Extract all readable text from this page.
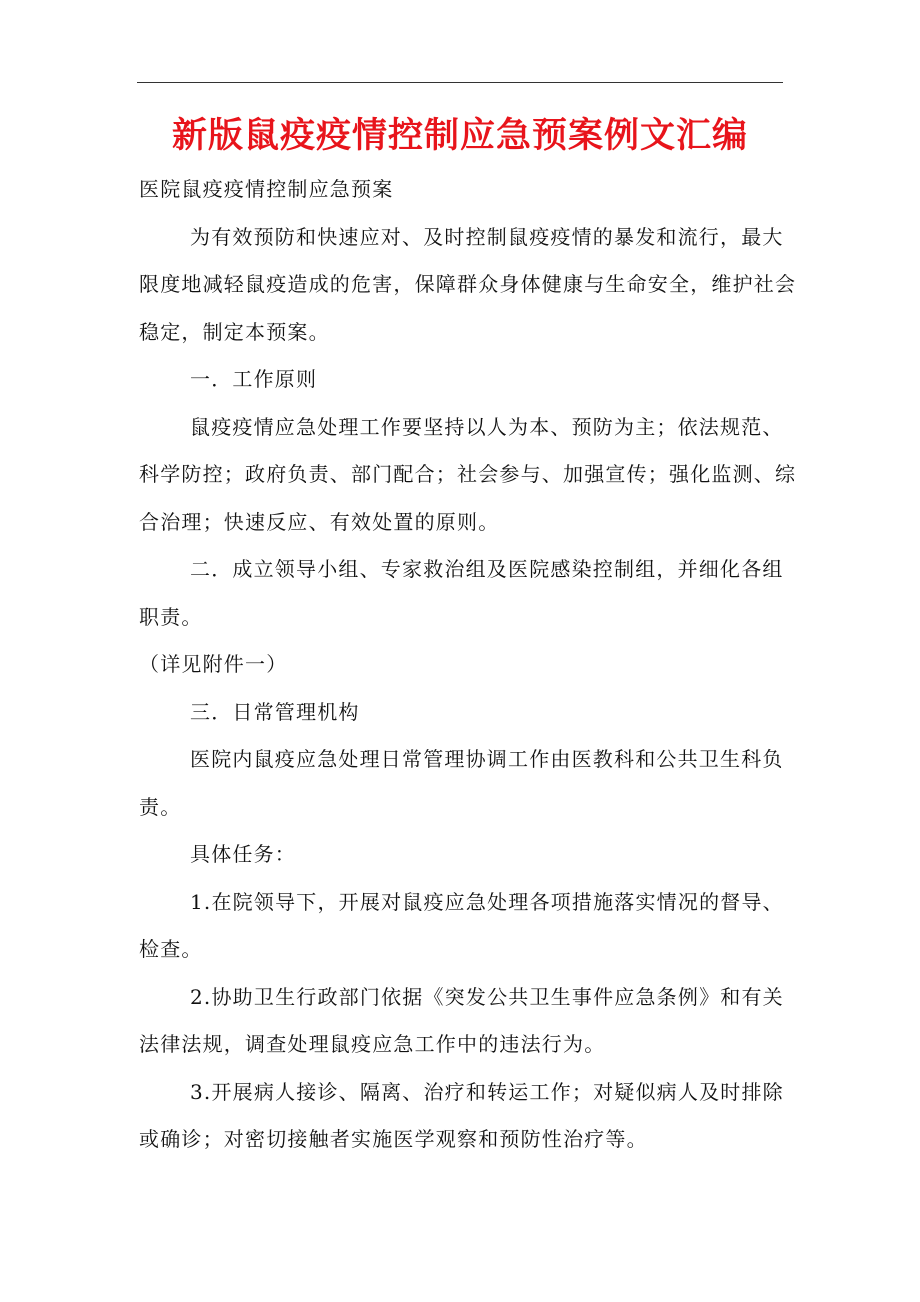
新版鼠疫疫情控制应急预案例文汇编

医院鼠疫疫情控制应急预案

为有效预防和快速应对、及时控制鼠疫疫情的暴发和流行，最大限度地减轻鼠疫造成的危害，保障群众身体健康与生命安全，维护社会稳定，制定本预案。

一．工作原则

鼠疫疫情应急处理工作要坚持以人为本、预防为主；依法规范、科学防控；政府负责、部门配合；社会参与、加强宣传；强化监测、综合治理；快速反应、有效处置的原则。

二．成立领导小组、专家救治组及医院感染控制组，并细化各组职责。

（详见附件一）

三．日常管理机构

医院内鼠疫应急处理日常管理协调工作由医教科和公共卫生科负责。

具体任务：

1.在院领导下，开展对鼠疫应急处理各项措施落实情况的督导、检查。

2.协助卫生行政部门依据《突发公共卫生事件应急条例》和有关法律法规，调查处理鼠疫应急工作中的违法行为。

3.开展病人接诊、隔离、治疗和转运工作；对疑似病人及时排除或确诊；对密切接触者实施医学观察和预防性治疗等。
